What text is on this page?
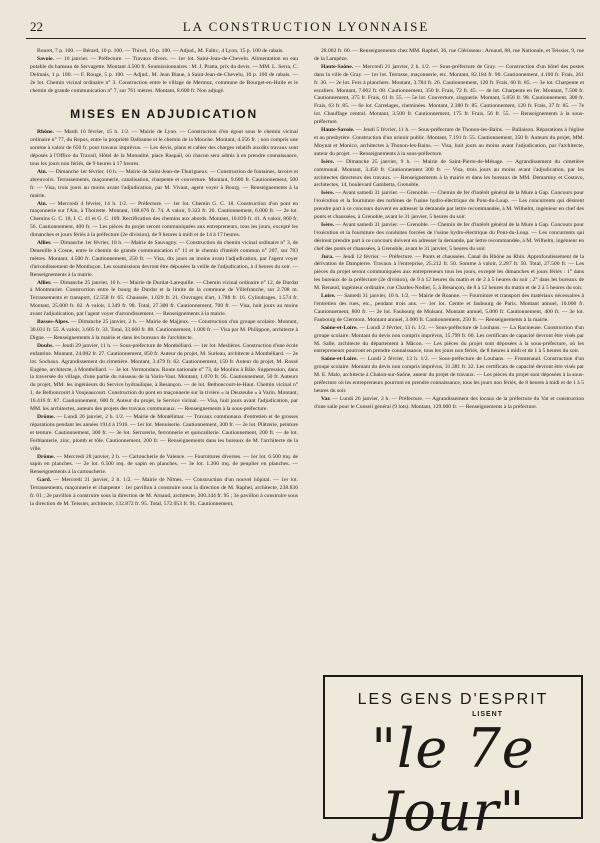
22	LA CONSTRUCTION LYONNAISE

Bouret, 7 p. 100. — Bérard, 10 p. 100. — Thivel, 10 p. 100. — Adjud., M. Faîtrc, 4 Lyon, 15 p. 100 de rabais.

Savoie. — 10 janvier. — Préfecture. — Travaux divers. — 1er lot. Saint-Jean-de-Chevelu. Alimentation en eau potable du hameau de Servagette. Montant 4.500 fr. Soumissionnaires : M. J. Pratta, prix du devis. — MM. L. Serra, C. Delmais, 1 p. 100. — F. Rouge, 5 p. 100. — Adjud., M. Jean Biaue, à Saint-Jean-de-Chevelu, 10 p. 100 de rabais. — 2e lot. Chemin vicinal ordinaire n° 3. Construction entre le village de Mermoz, commune de Bourget-en-Huile et le chemin de grande communication n° 7, sur 761 mètres. Montant, 8.600 fr. Non adjugé.

MISES EN ADJUDICATION

Rhône. — Mardi 10 février, 15 h. 1/2. — Mairie de Lyon. — Construction d'un égout sous le chemin vicinal ordinaire n° 77, du Repos, entre la propriété Dalbanne et le chemin de la Mouche. Montant, 4.556 fr. ; non compris une somme à valoir de 650 fr. pour travaux imprévus. — Les devis, plans et cahier des charges relatifs auxdits travaux sont déposés à l'Office du Travail, Hôtel de la Mutualité, place Raspail, où chacun sera admis à en prendre connaissance, tous les jours non fériés, de 9 heures à 17 heures.

Ain. — Dimanche 1er février, 10 h. — Mairie de Saint-Jean-de-Thurigneux. — Construction de fontaines, lavoirs et abreuvoirs. Terrassements, maçonnerie, canalisation, charpente et couverture. Montant, 9.600 fr. Cautionnement, 500 fr. — Visa, trois jours au moins avant l'adjudication, par M. Vivant, agent voyer à Bourg. — Renseignements à la mairie.

Ain. — Mercredi 4 février, 14 h. 1/2. — Préfecture. — 1er lot. Chemin G. C. 18. Construction d'un pont en maçonnerie sur l'Ain, à Thoirette. Montant, 168.676 fr. 74. A valoir, 9.323 fr. 26. Cautionnement, 6.000 fr. — 2e lot. Chemins G. C. 18, I. C. 41 et G. C. 109. Rectification des chemins aux abords. Montant, 10.839 fr. 41. A valoir, 860 fr. 56. Cautionnement, 400 fr. — Les pièces du projet seront communiquées aux entrepreneurs, tous les jours, excepté les dimanches et jours fériés à la préfecture (2e division), de 9 heures à midi et de 14 à 17 heures.

Allier. — Dimanche 1er février, 10 h. — Mairie de Sauvagny. — Construction du chemin vicinal ordinaire n° 3, de Deneuille à Cosne, entre le chemin de grande communication n° 11 et le chemin d'intérêt commun n° 207, sur 783 mètres. Montant, 4.500 fr. Cautionnement, 250 fr. — Visa, dix jours au moins avant l'adjudication, par l'agent voyer d'arrondissement de Montluçon. Les soumissions devront être déposées la veille de l'adjudication, à 4 heures du soir. — Renseignements à la mairie.

Allier. — Dimanche 25 janvier, 10 h. — Mairie de Durdat-Larequille. — Chemin vicinal ordinaire n° 12, de Durdat à Montmurier. Construction entre le bourg de Durdat et la limite de la commune de Villefranche, sur 2.708 m. Terrassements et transport, 12.558 fr. 65. Chaussée, 1.029 fr. 21. Ouvrages d'art, 1.788 fr. 16. Cylindrages, 1.574 fr. Montant, 25.000 fr. 02. A valoir, 1.349 fr. 98. Total, 27.300 fr. Cautionnement, 700 fr. — Visa, huit jours au moins avant l'adjudication, par l'agent voyer d'arrondissement. — Renseignements à la mairie.

Basses-Alpes. — Dimanche 25 janvier, 2 h. — Mairie de Majjeux. — Construction d'un groupe scolaire. Montant, 30.031 fr. 55. A valoir, 3.605 fr. 33. Total, 33.660 fr. 88. Cautionnement, 1.000 fr. — Visa par M. Philippon, architecte à Digne. — Renseignements à la mairie et dans les bureaux de l'architecte.

Doubs. — Jeudi 29 janvier, 11 h. — Sous-préfecture de Montbéliard. — 1er lot. Meslières. Construction d'une école enfantine. Montant, 24.082 fr. 27. Cautionnement, 850 fr. Auteur du projet, M. Surleau, architecte à Montbéliard. — 2e lot. Sochaux. Agrandissement du cimetière. Montant, 3.479 fr. 62. Cautionnement, 150 fr. Auteur du projet, M. Rossé Eugène, architecte, à Montbéliard. — 3e lot. Vermondans. Route nationale n° 73, de Moulins à Bâle. Suppression, dans la traversée du village, d'une partie du ruisseau de la Varin-Vaut. Montant, 1.070 fr. 95. Cautionnement, 50 fr. Auteurs du projet, MM. les ingénieurs du Service hydraulique, à Besançon. — 4e lot. Bethoncourt-le-Haut. Chemin vicinal n° 1, de Bethoncourt à Voujeaucourt. Construction du pont en maçonnerie sur la rivière « la Deuzeuhe » à Varin. Montant, 16.416 fr. 87. Cautionnement, 600 fr. Auteur du projet, le Service vicinal. — Visa, huit jours avant l'adjudication, par MM. les architectes, auteurs des projets des travaux communaux. — Renseignements à la sous-préfecture.

Drôme. — Lundi 26 janvier, 2 h. 1/2. — Mairie de Montélimar. — Travaux communaux d'entretien et de grosses réparations pendant les années 1914 à 1916. — 1er lot. Menuiserie. Cautionnement, 300 fr. — 2e lot. Plâtrerie, peinture et tenture. Cautionnement, 300 fr. — 3e lot. Serrurerie, ferronnerie et quincaillerie. Cautionnement, 200 fr. — 4e lot. Ferblanterie, zinc, plomb et tôle. Cautionnement, 200 fr. — Renseignements dans les bureaux de M. l'architecte de la ville.

Drôme. — Mercredi 28 janvier, 2 h. — Cartoucherie de Valence. — Fournitures diverses. — 1er lot. 6.500 mq. de sapin en planches. — 2e lot. 6.500 mq. de sapin en planches. — 3e lot. 1.200 mq. de peuplier en planches. — Renseignements à la cartoucherie.

Gard. — Mercredi 21 janvier, 2 h. 1/2. — Mairie de Nîmes. — Construction d'un nouvel hôpital. — 1er lot. Terrassements, maçonnerie et charpente : 1er pavillon à construire sous la direction de M. Raphel, architecte, 238.836 fr. 01 ; 2e pavillon à construire sous la direction de M. Arnaud, architecte, 200.344 fr. 95 ; 3e pavillon à construire sous la direction de M. Teissier, architecte, 132.872 fr. 95. Total, 572.053 fr. 91. Cautionnement,

28.002 fr. 60. — Renseignements chez MM. Raphel, 36, rue Clérisseau ; Arnaud, 68, rue Nationale, et Teissier, 9, rue de la Lampèze.

Haute-Saône. — Mercredi 21 janvier, 2 h. 1/2. — Sous-préfecture de Gray. — Construction d'un hôtel des postes dans la ville de Gray. — 1er lot. Terrasse, maçonnerie, etc. Montant, 82.184 fr. 90. Cautionnement, 4.100 fr. Frais, 261 fr. 30. — 2e lot. Fers à planchers. Montant, 3.784 fr. 26. Cautionnement, 120 fr. Frais, 60 fr. 85. — 3e lot. Charpente et escaliers. Montant, 7.062 fr. 08. Cautionnement, 350 fr. Frais, 72 fr. 45. — 4e lot. Charpente en fer. Montant, 7.500 fr. Cautionnement, 375 fr. Frais, 61 fr. 55. — 5e lot. Couverture, zinguerie. Montant, 5.056 fr. 98. Cautionnement, 300 fr. Frais, 63 fr. 85. — 6e lot. Carrelages, cheminées. Montant, 2.380 fr. 85. Cautionnement, 120 fr. Frais, 37 fr. 85. — 7e lot. Chauffage central. Montant, 3.500 fr. Cautionnement, 175 fr. Frais, 56 fr. 55. — Renseignements à la sous-préfecture.

Haute-Savoie. — Jeudi 5 février, 11 h. — Sous-préfecture de Thonon-les-Bains. — Ballaison. Réparations à l'église et au presbytère. Construction d'un urinoir public. Montant, 7.191 fr. 55. Cautionnement, 350 fr. Auteurs du projet, MM. Moynat et Monico, architectes à Thonon-les-Bains. — Visa, huit jours au moins avant l'adjudication, par l'architecte, auteur du projet. — Renseignements à la sous-préfecture.

Isère. — Dimanche 25 janvier, 9 h. — Mairie de Saint-Pierre-de-Mésage. — Agrandissement du cimetière communal. Montant, 3.450 fr. Cautionnement 300 fr. — Visa, trois jours au moins avant l'adjudication, par les architectes directeurs des travaux. — Renseignements à la mairie et dans les bureaux de MM. Demartiny et Costavo, architectes, 14, boulevard Gambetta, Grenoble.

Isère. — Avant samedi 31 janvier. — Grenoble. — Chemin de fer d'intérêt général de la Mure à Gap. Concours pour l'exécution et la fourniture des turbines de l'usine hydro-électrique du Pont-du-Loup. — Les concurrents qui désirent prendre part à ce concours doivent en adresser la demande par lettre recommandée, à M. Wilhelm, ingénieur en chef des ponts et chaussées, à Grenoble, avant le 31 janvier, 5 heures du soir.

Isère. — Avant samedi 31 janvier. — Grenoble. — Chemin de fer d'intérêt général de la Mure à Gap. Concours pour l'exécution et la fourniture des conduites forcées de l'usine hydro-électrique du Pont-du-Loup. — Les concurrents qui désirent prendre part à ce concours doivent en adresser la demande, par lettre recommandée, à M. Wilhelm, ingénieur en chef des ponts et chaussées, à Grenoble, avant le 31 janvier, 5 heures du soir.

Jura. — Jeudi 12 février. — Préfecture. — Ponts et chaussées. Canal du Rhône au Rhin. Approfondissement de la dérivation de Dampierre. Travaux à l'entreprise, 25.212 fr. 50. Somme à valoir, 2.287 fr. 50. Total, 27.500 fr. — Les pièces du projet seront communiquées aux entrepreneurs tous les jours, excepté les dimanches et jours fériés : 1° dans les bureaux de la préfecture (2e division), de 9 à 12 heures du matin et de 2 à 5 heures du soir ; 2° dans les bureaux de M. Renaud, ingénieur ordinaire, rue Charles-Nodier, 5, à Besançon, de 8 à 12 heures du matin et de 2 à 5 heures du soir.

Loire. — Samedi 31 janvier, 10 h. 1/2. — Mairie de Roanne. — Fourniture et transport des matériaux nécessaires à l'entretien des rues, etc., pendant trois ans. — 1er lot. Centre et faubourg de Paris. Montant annuel, 10.000 fr. Cautionnement, 800 fr. — 2e lot. Faubourg de Mulsant. Montant annuel, 5.000 fr. Cautionnement, 400 fr. — 3e lot. Faubourg de Clermont. Montant annuel, 3.000 fr. Cautionnement, 250 fr. — Renseignements à la mairie.

Saône-et-Loire. — Lundi 2 février, 13 h. 1/2. — Sous-préfecture de Louhans. — La Racineuse. Construction d'un groupe scolaire. Montant du devis non compris imprévus, 15.799 fr. 60. Les certificats de capacité devront être visés par M. Salle, architecte du département à Mâcon. — Les pièces du projet sont déposées à la sous-préfecture, où les entrepreneurs pourront en prendre connaissance, tous les jours non fériés, de 8 heures à midi et de 1 à 5 heures du soir.

Saône-et-Loire. — Lundi 2 février, 13 h. 1/2. — Sous-préfecture de Louhans. — Frontenaud. Construction d'un groupe scolaire. Montant du devis non compris imprévus, 31.381 fr. 32. Les certificats de capacité devront être visés par M. E. Malo, architecte à Chalon-sur-Saône, auteur du projet de travaux. — Les pièces du projet sont déposées à la sous-préfecture où les entrepreneurs pourront en prendre connaissance, tous les jours non fériés, de 8 heures à midi et de 1 à 5 heures du soir.

Var. — Lundi 26 janvier, 2 h. — Préfecture. — Agrandissement des locaux de la préfecture du Var et construction d'une salle pour le Conseil général (9 lots). Montant, 129.000 fr. — Renseignements à la préfecture.

LES GENS D'ESPRIT
LISENT
"le 7e Jour"
